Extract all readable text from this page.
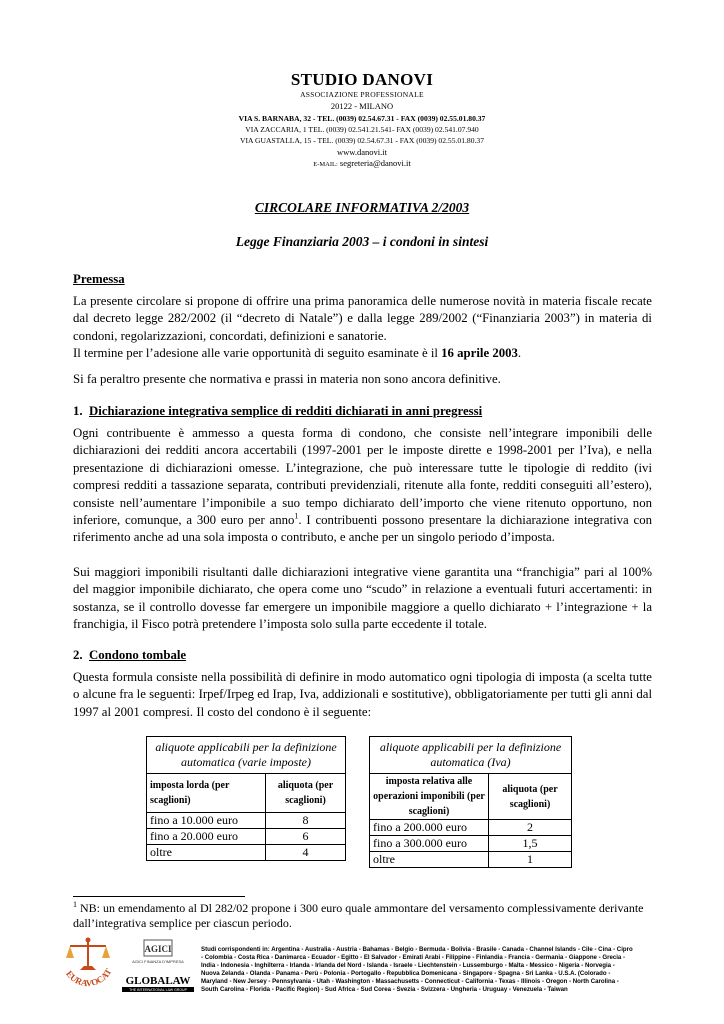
STUDIO DANOVI
ASSOCIAZIONE PROFESSIONALE
20122 - MILANO
VIA S. BARNABA, 32 - TEL. (0039) 02.54.67.31 - FAX (0039) 02.55.01.80.37
VIA ZACCARIA, 1 TEL. (0039) 02.541.21.541- FAX (0039) 02.541.07.940
VIA GUASTALLA, 15 - TEL. (0039) 02.54.67.31 - FAX (0039) 02.55.01.80.37
www.danovi.it
E-MAIL: segreteria@danovi.it
CIRCOLARE INFORMATIVA 2/2003
Legge Finanziaria 2003 – i condoni in sintesi
Premessa
La presente circolare si propone di offrire una prima panoramica delle numerose novità in materia fiscale recate dal decreto legge 282/2002 (il “decreto di Natale”) e dalla legge 289/2002 (“Finanziaria 2003”) in materia di condoni, regolarizzazioni, concordati, definizioni e sanatorie.
Il termine per l’adesione alle varie opportunità di seguito esaminate è il 16 aprile 2003.
Si fa peraltro presente che normativa e prassi in materia non sono ancora definitive.
1. Dichiarazione integrativa semplice di redditi dichiarati in anni pregressi
Ogni contribuente è ammesso a questa forma di condono, che consiste nell’integrare imponibili delle dichiarazioni dei redditi ancora accertabili (1997-2001 per le imposte dirette e 1998-2001 per l’Iva), e nella presentazione di dichiarazioni omesse. L’integrazione, che può interessare tutte le tipologie di reddito (ivi compresi redditi a tassazione separata, contributi previdenziali, ritenute alla fonte, redditi conseguiti all’estero), consiste nell’aumentare l’imponibile a suo tempo dichiarato dell’importo che viene ritenuto opportuno, non inferiore, comunque, a 300 euro per anno$^1$. I contribuenti possono presentare la dichiarazione integrativa con riferimento anche ad una sola imposta o contributo, e anche per un singolo periodo d’imposta.
Sui maggiori imponibili risultanti dalle dichiarazioni integrative viene garantita una “franchigia” pari al 100% del maggior imponibile dichiarato, che opera come uno “scudo” in relazione a eventuali futuri accertamenti: in sostanza, se il controllo dovesse far emergere un imponibile maggiore a quello dichiarato + l’integrazione + la franchigia, il Fisco potrà pretendere l’imposta solo sulla parte eccedente il totale.
2. Condono tombale
Questa formula consiste nella possibilità di definire in modo automatico ogni tipologia di imposta (a scelta tutte o alcune fra le seguenti: Irpef/Irpeg ed Irap, Iva, addizionali e sostitutive), obbligatoriamente per tutti gli anni dal 1997 al 2001 compresi. Il costo del condono è il seguente:
aliquote applicabili per la definizione automatica (varie imposte)	
imposta lorda (per scaglioni)	aliquota (per scaglioni)
fino a 10.000 euro	8
fino a 20.000 euro	6
oltre	4
aliquote applicabili per la definizione automatica (Iva)	
imposta relativa alle operazioni imponibili (per scaglioni)	aliquota (per scaglioni)
fino a 200.000 euro	2
fino a 300.000 euro	1,5
oltre	1
$^1$ NB: un emendamento al Dl 282/02 propone i 300 euro quale ammontare del versamento complessivamente derivante dall’integrativa semplice per ciascun periodo.
EURAVOCAT
AGICI
AGICI FINANZA D'IMPRESA
GLOBALAW
THE INTERNATIONAL LAW GROUP
Studi corrispondenti in: Argentina - Australia - Austria - Bahamas - Belgio - Bermuda - Bolivia - Brasile - Canada - Channel Islands - Cile - Cina - Cipro - Colombia - Costa Rica - Danimarca - Ecuador - Egitto - El Salvador - Emirati Arabi - Filippine - Finlandia - Francia - Germania - Giappone - Grecia - India - Indonesia - Inghilterra - Irlanda - Irlanda del Nord - Islanda - Israele - Liechtenstein - Lussemburgo - Malta - Messico - Nigeria - Norvegia - Nuova Zelanda - Olanda - Panama - Perù - Polonia - Portogallo - Repubblica Domenicana - Singapore - Spagna - Sri Lanka - U.S.A. (Colorado - Maryland - New Jersey - Pennsylvania - Utah - Washington - Massachusetts - Connecticut - California - Texas - Illinois - Oregon - North Carolina - South Carolina - Florida - Pacific Region) - Sud Africa - Sud Corea - Svezia - Svizzera - Ungheria - Uruguay - Venezuela - Taiwan
